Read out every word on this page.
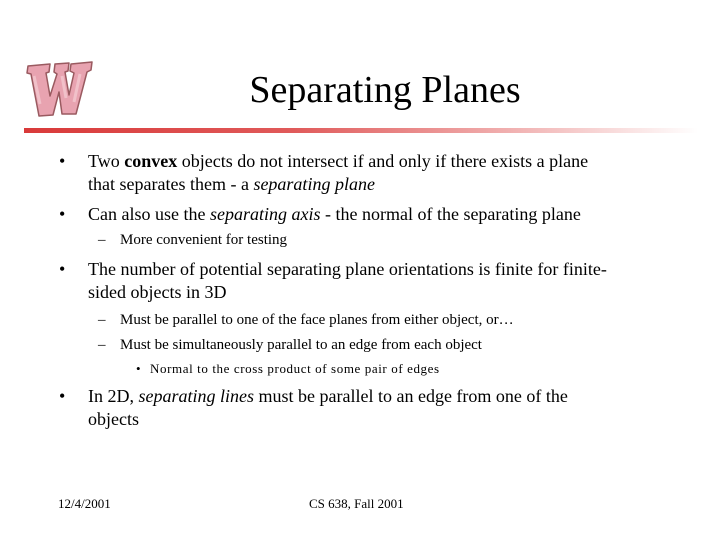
Separating Planes
• Two convex objects do not intersect if and only if there exists a plane
that separates them - a separating plane
• Can also use the separating axis - the normal of the separating plane
– More convenient for testing
• The number of potential separating plane orientations is finite for finite-
sided objects in 3D
– Must be parallel to one of the face planes from either object, or…
– Must be simultaneously parallel to an edge from each object
• Normal to the cross product of some pair of edges
• In 2D, separating lines must be parallel to an edge from one of the
objects
12/4/2001	CS 638, Fall 2001
